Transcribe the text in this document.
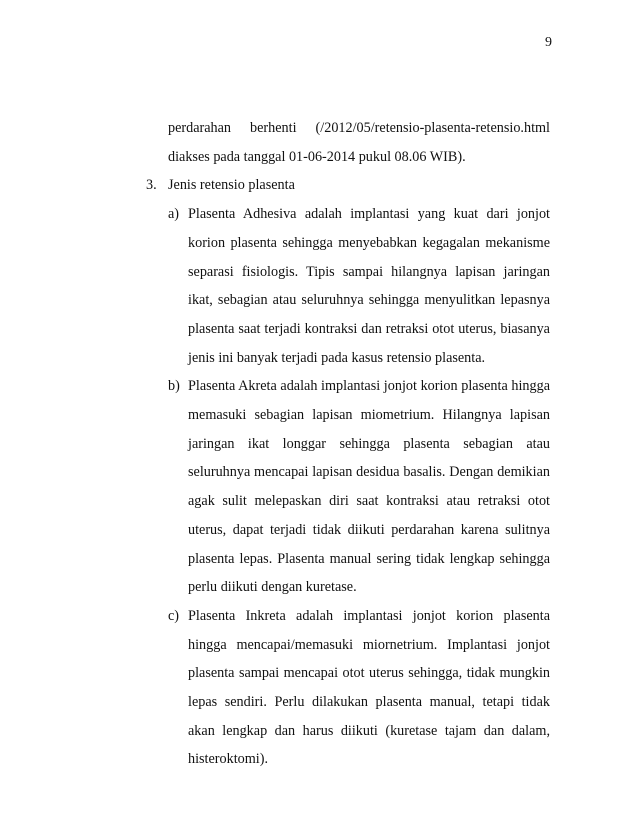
9
perdarahan berhenti (/2012/05/retensio-plasenta-retensio.html diakses pada tanggal 01-06-2014 pukul 08.06 WIB).
3. Jenis retensio plasenta
a) Plasenta Adhesiva adalah implantasi yang kuat dari jonjot korion plasenta sehingga menyebabkan kegagalan mekanisme separasi fisiologis. Tipis sampai hilangnya lapisan jaringan ikat, sebagian atau seluruhnya sehingga menyulitkan lepasnya plasenta saat terjadi kontraksi dan retraksi otot uterus, biasanya jenis ini banyak terjadi pada kasus retensio plasenta.
b) Plasenta Akreta adalah implantasi jonjot korion plasenta hingga memasuki sebagian lapisan miometrium. Hilangnya lapisan jaringan ikat longgar sehingga plasenta sebagian atau seluruhnya mencapai lapisan desidua basalis. Dengan demikian agak sulit melepaskan diri saat kontraksi atau retraksi otot uterus, dapat terjadi tidak diikuti perdarahan karena sulitnya plasenta lepas. Plasenta manual sering tidak lengkap sehingga perlu diikuti dengan kuretase.
c) Plasenta Inkreta adalah implantasi jonjot korion plasenta hingga mencapai/memasuki miornetrium. Implantasi jonjot plasenta sampai mencapai otot uterus sehingga, tidak mungkin lepas sendiri. Perlu dilakukan plasenta manual, tetapi tidak akan lengkap dan harus diikuti (kuretase tajam dan dalam, histeroktomi).
